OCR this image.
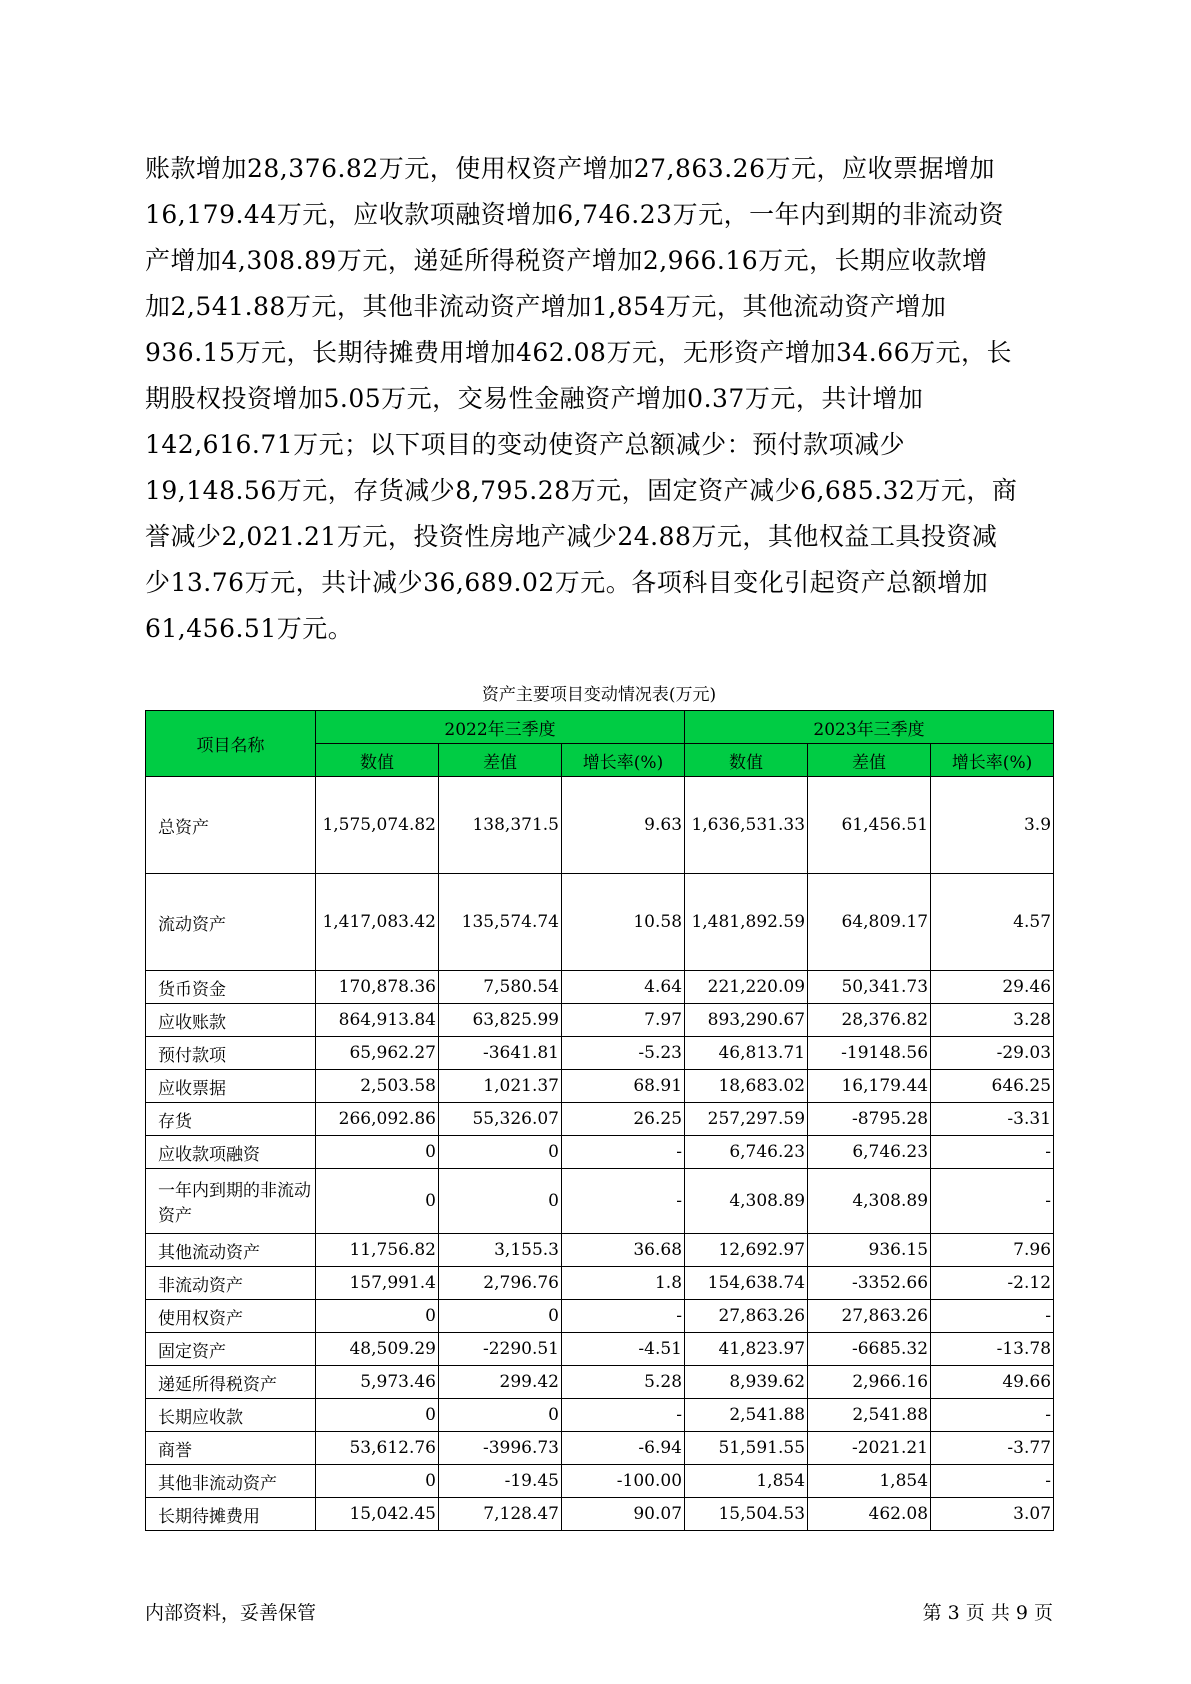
账款增加28,376.82万元，使用权资产增加27,863.26万元，应收票据增加
16,179.44万元，应收款项融资增加6,746.23万元，一年内到期的非流动资
产增加4,308.89万元，递延所得税资产增加2,966.16万元，长期应收款增
加2,541.88万元，其他非流动资产增加1,854万元，其他流动资产增加
936.15万元，长期待摊费用增加462.08万元，无形资产增加34.66万元，长
期股权投资增加5.05万元，交易性金融资产增加0.37万元，共计增加
142,616.71万元；以下项目的变动使资产总额减少：预付款项减少
19,148.56万元，存货减少8,795.28万元，固定资产减少6,685.32万元，商
誉减少2,021.21万元，投资性房地产减少24.88万元，其他权益工具投资减
少13.76万元，共计减少36,689.02万元。各项科目变化引起资产总额增加
61,456.51万元。
资产主要项目变动情况表(万元)
项目名称	2022年三季度			2023年三季度		
	数值	差值	增长率(%)	数值	差值	增长率(%)
总资产	1,575,074.82	138,371.5	9.63	1,636,531.33	61,456.51	3.9
流动资产	1,417,083.42	135,574.74	10.58	1,481,892.59	64,809.17	4.57
货币资金	170,878.36	7,580.54	4.64	221,220.09	50,341.73	29.46
应收账款	864,913.84	63,825.99	7.97	893,290.67	28,376.82	3.28
预付款项	65,962.27	-3641.81	-5.23	46,813.71	-19148.56	-29.03
应收票据	2,503.58	1,021.37	68.91	18,683.02	16,179.44	646.25
存货	266,092.86	55,326.07	26.25	257,297.59	-8795.28	-3.31
应收款项融资	0	0	-	6,746.23	6,746.23	-
一年内到期的非流动资产	0	0	-	4,308.89	4,308.89	-
其他流动资产	11,756.82	3,155.3	36.68	12,692.97	936.15	7.96
非流动资产	157,991.4	2,796.76	1.8	154,638.74	-3352.66	-2.12
使用权资产	0	0	-	27,863.26	27,863.26	-
固定资产	48,509.29	-2290.51	-4.51	41,823.97	-6685.32	-13.78
递延所得税资产	5,973.46	299.42	5.28	8,939.62	2,966.16	49.66
长期应收款	0	0	-	2,541.88	2,541.88	-
商誉	53,612.76	-3996.73	-6.94	51,591.55	-2021.21	-3.77
其他非流动资产	0	-19.45	-100.00	1,854	1,854	-
长期待摊费用	15,042.45	7,128.47	90.07	15,504.53	462.08	3.07
内部资料，妥善保管	第 3 页 共 9 页
